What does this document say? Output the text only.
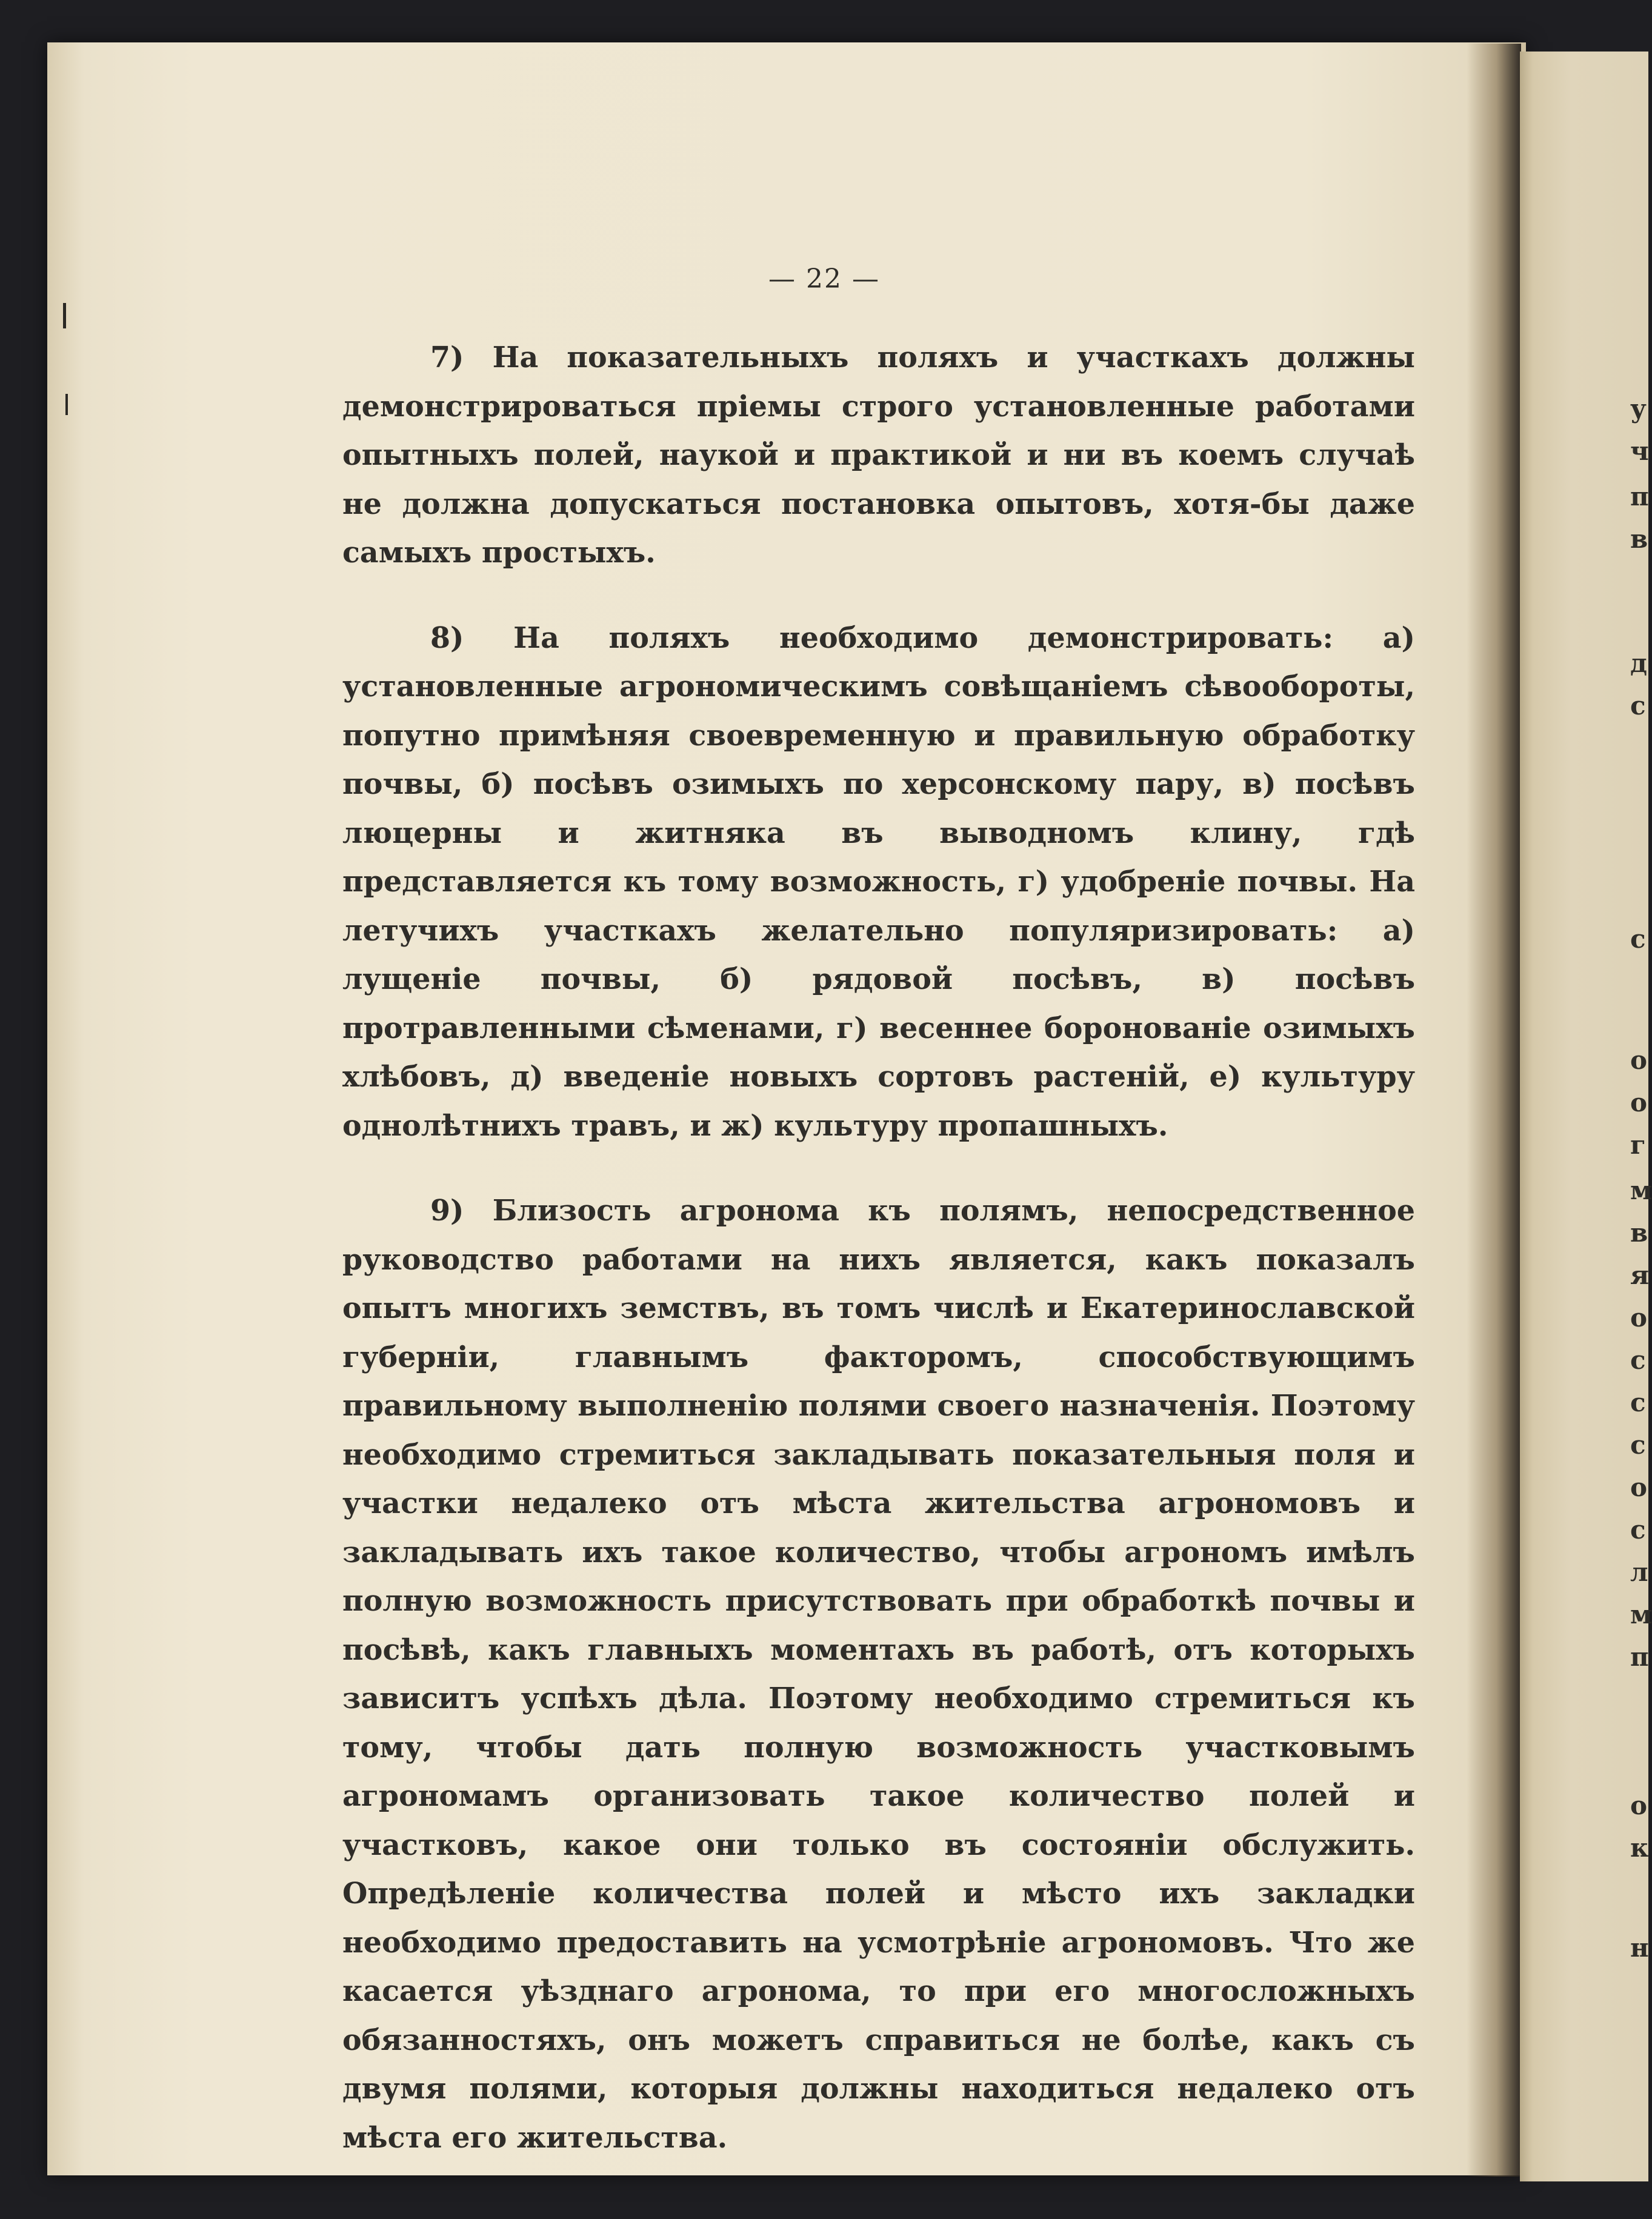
— 22 —

7) На показательныхъ поляхъ и участкахъ должны демонстрироваться пріемы строго установленные работами опытныхъ полей, наукой и практикой и ни въ коемъ случаѣ не должна допускаться постановка опытовъ, хотя-бы даже самыхъ простыхъ.

8) На поляхъ необходимо демонстрировать: а) установленные агрономическимъ совѣщаніемъ сѣвообороты, попутно примѣняя своевременную и правильную обработку почвы, б) посѣвъ озимыхъ по херсонскому пару, в) посѣвъ люцерны и житняка въ выводномъ клину, гдѣ представляется къ тому возможность, г) удобреніе почвы. На летучихъ участкахъ желательно популяризировать: а) лущеніе почвы, б) рядовой посѣвъ, в) посѣвъ протравленными сѣменами, г) весеннее боронованіе озимыхъ хлѣбовъ, д) введеніе новыхъ сортовъ растеній, е) культуру однолѣтнихъ травъ, и ж) культуру пропашныхъ.

9) Близость агронома къ полямъ, непосредственное руководство работами на нихъ является, какъ показалъ опытъ многихъ земствъ, въ томъ числѣ и Екатеринославской губерніи, главнымъ факторомъ, способствующимъ правильному выполненію полями своего назначенія. Поэтому необходимо стремиться закладывать показательныя поля и участки недалеко отъ мѣста жительства агрономовъ и закладывать ихъ такое количество, чтобы агрономъ имѣлъ полную возможность присутствовать при обработкѣ почвы и посѣвѣ, какъ главныхъ моментахъ въ работѣ, отъ которыхъ зависитъ успѣхъ дѣла. Поэтому необходимо стремиться къ тому, чтобы дать полную возможность участковымъ агрономамъ организовать такое количество полей и участковъ, какое они только въ состояніи обслужить. Опредѣленіе количества полей и мѣсто ихъ закладки необходимо предоставить на усмотрѣніе агрономовъ. Что же касается уѣзднаго агронома, то при его многосложныхъ обязанностяхъ, онъ можетъ справиться не болѣе, какъ съ двумя полями, которыя должны находиться недалеко отъ мѣста его жительства.

у
ч
п
в
д
с
с
о
о
г
м
в
я
о
с
с
с
о
с
л
м
п
о
к
н
